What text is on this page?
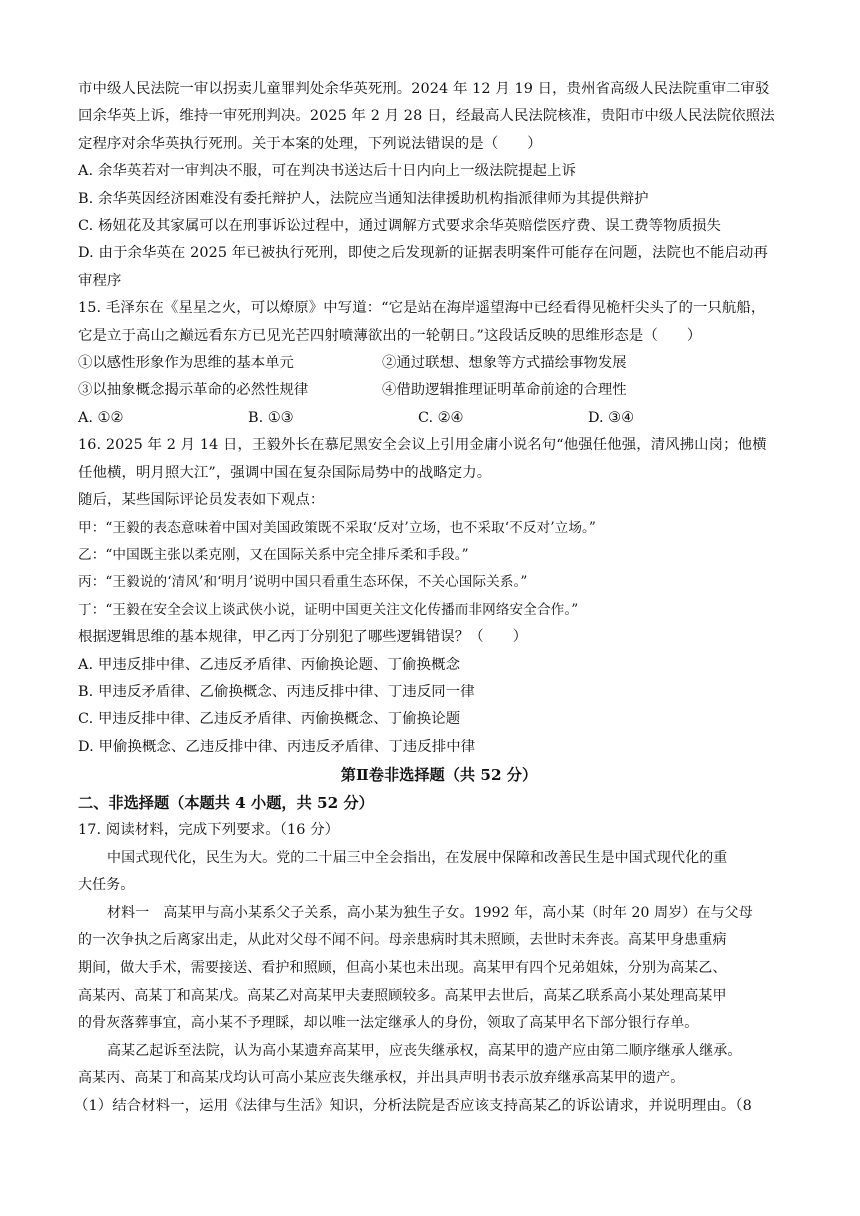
市中级人民法院一审以拐卖儿童罪判处余华英死刑。2024 年 12 月 19 日，贵州省高级人民法院重审二审驳

回余华英上诉，维持一审死刑判决。2025 年 2 月 28 日，经最高人民法院核准，贵阳市中级人民法院依照法

定程序对余华英执行死刑。关于本案的处理，下列说法错误的是（　　）

A. 余华英若对一审判决不服，可在判决书送达后十日内向上一级法院提起上诉

B. 余华英因经济困难没有委托辩护人，法院应当通知法律援助机构指派律师为其提供辩护

C. 杨妞花及其家属可以在刑事诉讼过程中，通过调解方式要求余华英赔偿医疗费、误工费等物质损失

D. 由于余华英在 2025 年已被执行死刑，即使之后发现新的证据表明案件可能存在问题，法院也不能启动再

审程序

15. 毛泽东在《星星之火，可以燎原》中写道：“它是站在海岸遥望海中已经看得见桅杆尖头了的一只航船，

它是立于高山之巅远看东方已见光芒四射喷薄欲出的一轮朝日。”这段话反映的思维形态是（　　）

①以感性形象作为思维的基本单元	②通过联想、想象等方式描绘事物发展
③以抽象概念揭示革命的必然性规律	④借助逻辑推理证明革命前途的合理性
A. ①②	B. ①③	C. ②④	D. ③④

16. 2025 年 2 月 14 日，王毅外长在慕尼黑安全会议上引用金庸小说名句“他强任他强，清风拂山岗；他横

任他横，明月照大江”，强调中国在复杂国际局势中的战略定力。

随后，某些国际评论员发表如下观点：

甲：“王毅的表态意味着中国对美国政策既不采取‘反对’立场，也不采取‘不反对’立场。”

乙：“中国既主张以柔克刚，又在国际关系中完全排斥柔和手段。”

丙：“王毅说的‘清风’和‘明月’说明中国只看重生态环保，不关心国际关系。”

丁：“王毅在安全会议上谈武侠小说，证明中国更关注文化传播而非网络安全合作。”

根据逻辑思维的基本规律，甲乙丙丁分别犯了哪些逻辑错误？（　　）

A. 甲违反排中律、乙违反矛盾律、丙偷换论题、丁偷换概念

B. 甲违反矛盾律、乙偷换概念、丙违反排中律、丁违反同一律

C. 甲违反排中律、乙违反矛盾律、丙偷换概念、丁偷换论题

D. 甲偷换概念、乙违反排中律、丙违反矛盾律、丁违反排中律

第Ⅱ卷非选择题（共 52 分）
二、非选择题（本题共 4 小题，共 52 分）

17. 阅读材料，完成下列要求。（16 分）

中国式现代化，民生为大。党的二十届三中全会指出，在发展中保障和改善民生是中国式现代化的重

大任务。

材料一　高某甲与高小某系父子关系，高小某为独生子女。1992 年，高小某（时年 20 周岁）在与父母

的一次争执之后离家出走，从此对父母不闻不问。母亲患病时其未照顾，去世时未奔丧。高某甲身患重病

期间，做大手术，需要接送、看护和照顾，但高小某也未出现。高某甲有四个兄弟姐妹，分别为高某乙、

高某丙、高某丁和高某戊。高某乙对高某甲夫妻照顾较多。高某甲去世后，高某乙联系高小某处理高某甲

的骨灰落葬事宜，高小某不予理睬，却以唯一法定继承人的身份，领取了高某甲名下部分银行存单。

高某乙起诉至法院，认为高小某遗弃高某甲，应丧失继承权，高某甲的遗产应由第二顺序继承人继承。

高某丙、高某丁和高某戊均认可高小某应丧失继承权，并出具声明书表示放弃继承高某甲的遗产。

（1）结合材料一，运用《法律与生活》知识，分析法院是否应该支持高某乙的诉讼请求，并说明理由。（8
